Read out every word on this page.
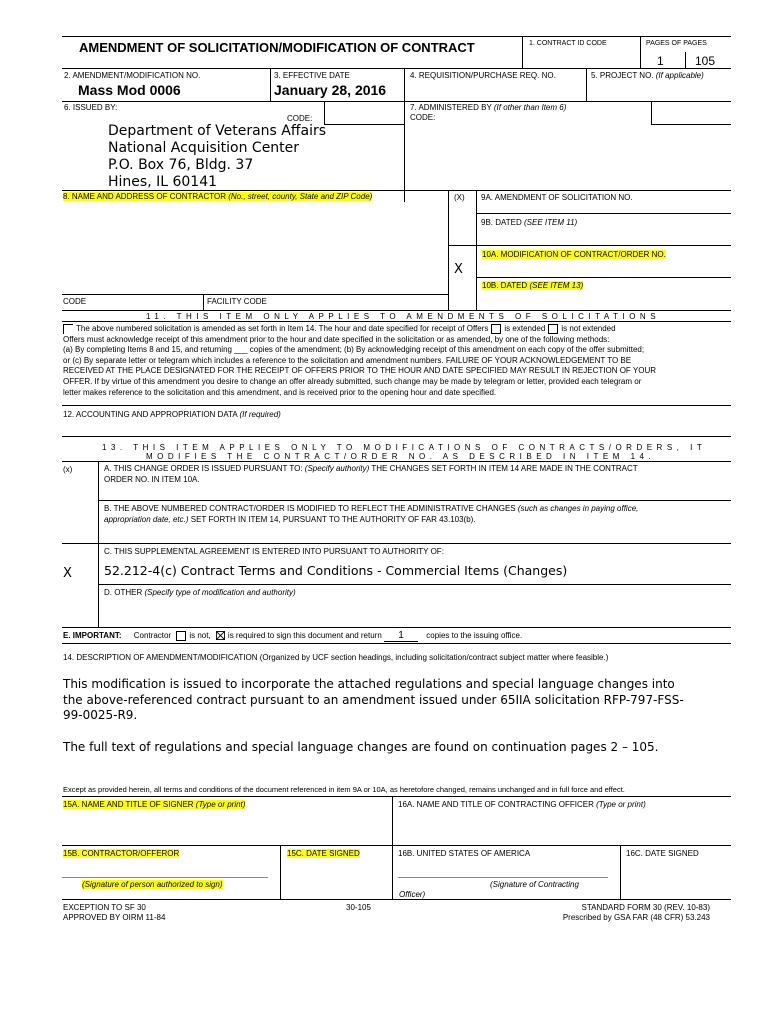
AMENDMENT OF SOLICITATION/MODIFICATION OF CONTRACT	1. CONTRACT ID CODE	PAGES OF PAGES
1	105
2. AMENDMENT/MODIFICATION NO.
Mass Mod 0006
3. EFFECTIVE DATE
January 28, 2016
4. REQUISITION/PURCHASE REQ. NO.	5. PROJECT NO. (If applicable)
6. ISSUED BY:
CODE:
Department of Veterans Affairs
National Acquisition Center
P.O. Box 76, Bldg. 37
Hines, IL 60141
7. ADMINISTERED BY (If other than Item 6)
CODE:
8. NAME AND ADDRESS OF CONTRACTOR (No., street, county, State and ZIP Code)	(X) 9A. AMENDMENT OF SOLICITATION NO.
9B. DATED (SEE ITEM 11)
10A. MODIFICATION OF CONTRACT/ORDER NO.
X
10B. DATED (SEE ITEM 13)
CODE	FACILITY CODE
11. THIS ITEM ONLY APPLIES TO AMENDMENTS OF SOLICITATIONS
The above numbered solicitation is amended as set forth in Item 14. The hour and date specified for receipt of Offers is extended is not extended
Offers must acknowledge receipt of this amendment prior to the hour and date specified in the solicitation or as amended, by one of the following methods:
(a) By completing Items 8 and 15, and returning ___ copies of the amendment; (b) By acknowledging receipt of this amendment on each copy of the offer submitted;
or (c) By separate letter or telegram which includes a reference to the solicitation and amendment numbers. FAILURE OF YOUR ACKNOWLEDGEMENT TO BE
RECEIVED AT THE PLACE DESIGNATED FOR THE RECEIPT OF OFFERS PRIOR TO THE HOUR AND DATE SPECIFIED MAY RESULT IN REJECTION OF YOUR
OFFER. If by virtue of this amendment you desire to change an offer already submitted, such change may be made by telegram or letter, provided each telegram or
letter makes reference to the solicitation and this amendment, and is received prior to the opening hour and date specified.
12. ACCOUNTING AND APPROPRIATION DATA (If required)
13. THIS ITEM APPLIES ONLY TO MODIFICATIONS OF CONTRACTS/ORDERS, IT
MODIFIES THE CONTRACT/ORDER NO. AS DESCRIBED IN ITEM 14.
(x)	A. THIS CHANGE ORDER IS ISSUED PURSUANT TO: (Specify authority) THE CHANGES SET FORTH IN ITEM 14 ARE MADE IN THE CONTRACT
ORDER NO. IN ITEM 10A.
B. THE ABOVE NUMBERED CONTRACT/ORDER IS MODIFIED TO REFLECT THE ADMINISTRATIVE CHANGES (such as changes in paying office,
appropriation date, etc.) SET FORTH IN ITEM 14, PURSUANT TO THE AUTHORITY OF FAR 43.103(b).
C. THIS SUPPLEMENTAL AGREEMENT IS ENTERED INTO PURSUANT TO AUTHORITY OF:
X	52.212-4(c) Contract Terms and Conditions - Commercial Items (Changes)
D. OTHER (Specify type of modification and authority)
E. IMPORTANT: Contractor is not, is required to sign this document and return 1	copies to the issuing office.
14. DESCRIPTION OF AMENDMENT/MODIFICATION (Organized by UCF section headings, including solicitation/contract subject matter where feasible.)
This modification is issued to incorporate the attached regulations and special language changes into
the above-referenced contract pursuant to an amendment issued under 65IIA solicitation RFP-797-FSS-
99-0025-R9.
The full text of regulations and special language changes are found on continuation pages 2 – 105.
Except as provided herein, all terms and conditions of the document referenced in item 9A or 10A, as heretofore changed, remains unchanged and in full force and effect.
15A. NAME AND TITLE OF SIGNER (Type or print)	16A. NAME AND TITLE OF CONTRACTING OFFICER (Type or print)
15B. CONTRACTOR/OFFEROR	15C. DATE SIGNED	16B. UNITED STATES OF AMERICA	16C. DATE SIGNED
(Signature of person authorized to sign)	(Signature of Contracting
Officer)
EXCEPTION TO SF 30
APPROVED BY OIRM 11-84
30-105	STANDARD FORM 30 (REV. 10-83)
Prescribed by GSA FAR (48 CFR) 53.243
